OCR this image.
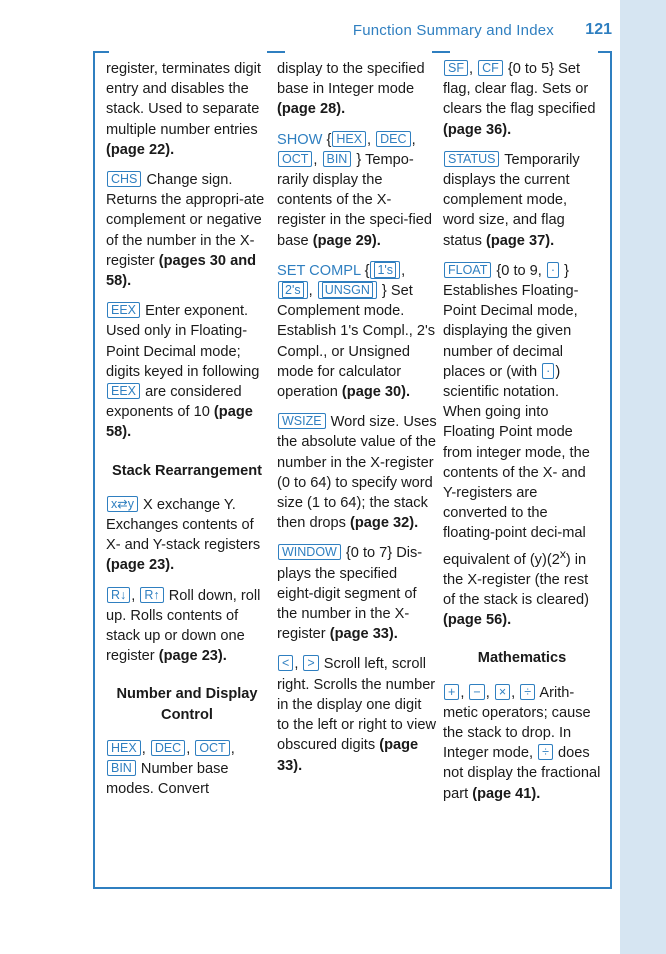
Function Summary and Index 121

register, terminates digit entry and disables the stack. Used to separate multiple number entries (page 22).

CHS Change sign. Returns the appropri-ate complement or negative of the number in the X-register (pages 30 and 58).

EEX Enter exponent. Used only in Floating-Point Decimal mode; digits keyed in following EEX are considered exponents of 10 (page 58).

Stack Rearrangement

x⇄y X exchange Y. Exchanges contents of X- and Y-stack registers (page 23).

R↓ , R↑ Roll down, roll up. Rolls contents of stack up or down one register (page 23).

Number and Display Control

HEX , DEC , OCT , BIN Number base modes. Convert

display to the specified base in Integer mode (page 28).

SHOW { HEX , DEC , OCT , BIN } Tempo-rarily display the contents of the X-register in the speci-fied base (page 29).

SET COMPL { 1's , 2's , UNSGN } Set Complement mode. Establish 1's Compl., 2's Compl., or Unsigned mode for calculator operation (page 30).

WSIZE Word size. Uses the absolute value of the number in the X-register (0 to 64) to specify word size (1 to 64); the stack then drops (page 32).

WINDOW {0 to 7} Dis-plays the specified eight-digit segment of the number in the X-register (page 33).

< , > Scroll left, scroll right. Scrolls the number in the display one digit to the left or right to view obscured digits (page 33).

SF , CF {0 to 5} Set flag, clear flag. Sets or clears the flag specified (page 36).

STATUS Temporarily displays the current complement mode, word size, and flag status (page 37).

FLOAT {0 to 9, · } Establishes Floating-Point Decimal mode, displaying the given number of decimal places or (with · ) scientific notation. When going into Floating Point mode from integer mode, the contents of the X- and Y-registers are converted to the floating-point deci-mal equivalent of (y)(2$^x$) in the X-register (the rest of the stack is cleared) (page 56).

Mathematics

+ , − , × , ÷ Arith-metic operators; cause the stack to drop. In Integer mode, ÷ does not display the fractional part (page 41).
